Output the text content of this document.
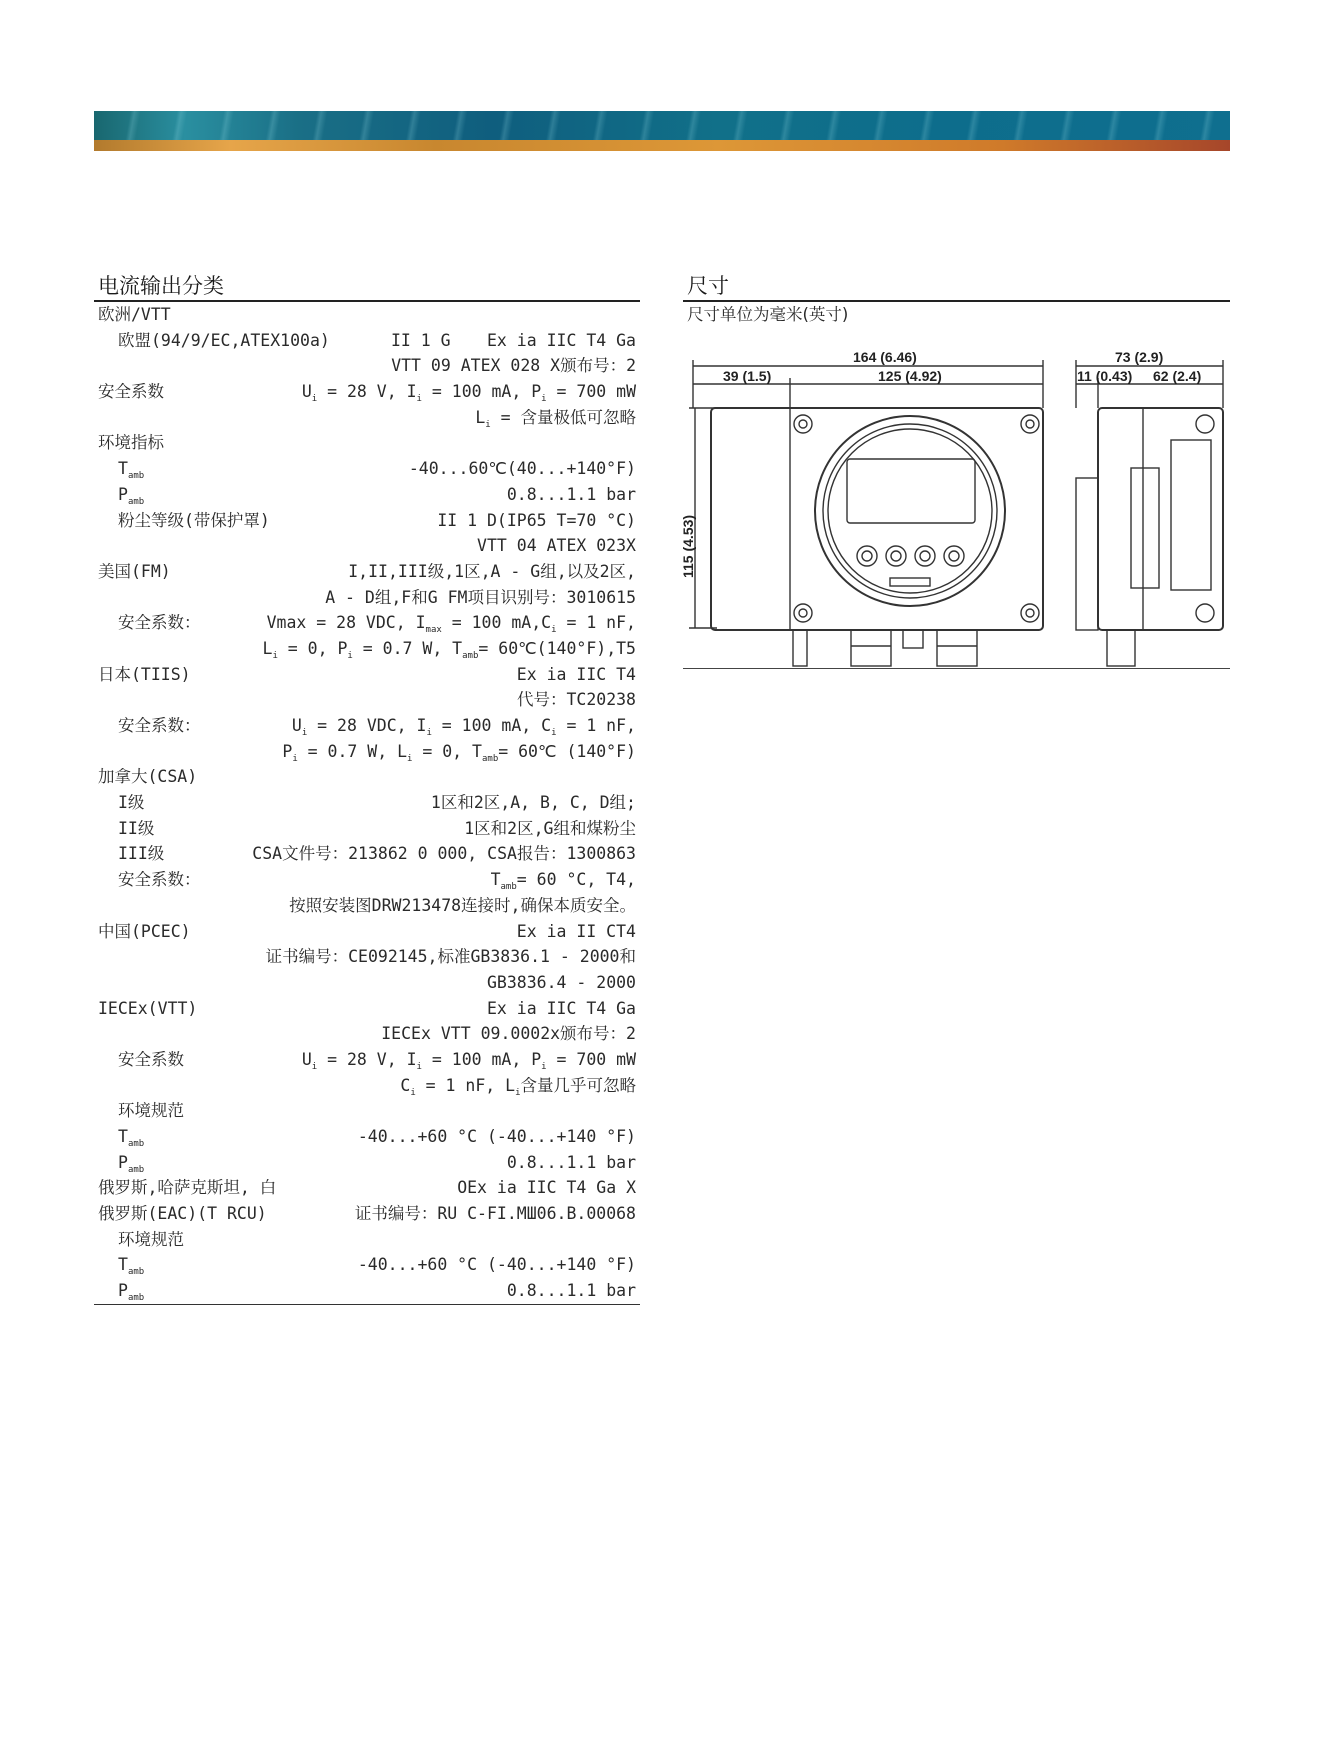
电流输出分类
欧洲/VTT
欧盟(94/9/EC,ATEX100a)	II 1 G Ex ia IIC T4 Ga
VTT 09 ATEX 028 X颁布号：2
安全系数	$U_i = 28$ V, $I_i = 100$ mA, $P_i = 700$ mW
$L_i$ = 含量极低可忽略
环境指标
$T_{amb}$	-40...60℃(40...+140°F)
$P_{amb}$	0.8...1.1 bar
粉尘等级(带保护罩)	II 1 D(IP65 T=70 °C)
VTT 04 ATEX 023X
美国(FM)	I,II,III级,1区,A - G组,以及2区,
A - D组,F和G FM项目识别号：3010615
安全系数：	Vmax = 28 VDC, $I_{max} = 100$ $mA,C_i = 1$ nF,
$L_i = 0$, $P_i = 0.7$ W, $T_{amb}=$ 60℃(140°F),T5
日本(TIIS)	Ex ia IIC T4
代号：TC20238
安全系数：	$U_i = 28$ VDC, $I_i = 100$ mA, $C_i = 1$ nF,
$P_i = 0.7$ W, $L_i = 0$, $T_{amb}=$ 60℃ (140°F)
加拿大(CSA)
I级	1区和2区,A, B, C, D组;
II级	1区和2区,G组和煤粉尘
III级	CSA文件号：213862 0 000, CSA报告：1300863
安全系数：	$T_{amb}= 60$ °C, T4,
按照安装图DRW213478连接时,确保本质安全。
中国(PCEC)	Ex ia II CT4
证书编号：CE092145,标准GB3836.1 - 2000和
GB3836.4 - 2000
IECEx(VTT)	Ex ia IIC T4 Ga
IECEx VTT 09.0002x颁布号：2
安全系数	$U_i = 28$ V, $I_i = 100$ mA, $P_i = 700$ mW
$C_i = 1$ nF, $L_i$含量几乎可忽略
环境规范
$T_{amb}$	-40...+60 °C (-40...+140 °F)
$P_{amb}$	0.8...1.1 bar
俄罗斯,哈萨克斯坦, 白	OEx ia IIC T4 Ga X
俄罗斯(EAC)(T RCU)	证书编号：RU C-FI.МШ06.B.00068
环境规范
$T_{amb}$	-40...+60 °C (-40...+140 °F)
$P_{amb}$	0.8...1.1 bar
尺寸
尺寸单位为毫米(英寸)
164 (6.46)
39 (1.5)	125 (4.92)
115 (4.53)
73 (2.9)
11 (0.43) 62 (2.4)
